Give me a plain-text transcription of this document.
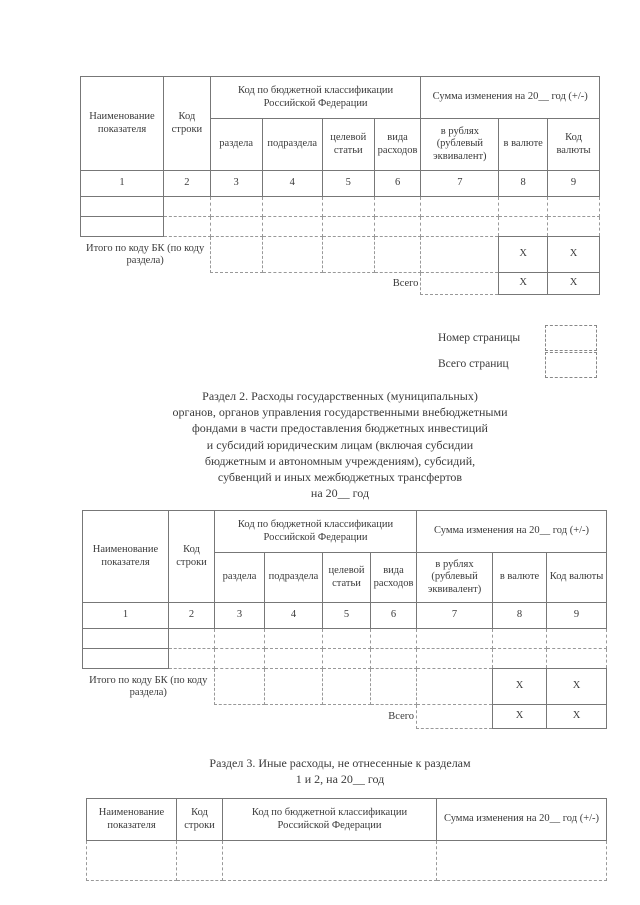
Наименование показателя	Код строки	Код по бюджетной классификации Российской Федерации				Сумма изменения на 20__ год (+/-)		
		раздела	подраздела	целевой статьи	вида расходов	в рублях (рублевый эквивалент)	в валюте	Код валюты
1	2	3	4	5	6	7	8	9

Итого по коду БК (по коду раздела)							X	X
Всего							X	X
Номер страницы
Всего страниц
Раздел 2. Расходы государственных (муниципальных)
органов, органов управления государственными внебюджетными
фондами в части предоставления бюджетных инвестиций
и субсидий юридическим лицам (включая субсидии
бюджетным и автономным учреждениям), субсидий,
субвенций и иных межбюджетных трансфертов
на 20__ год
Наименование показателя	Код строки	Код по бюджетной классификации Российской Федерации				Сумма изменения на 20__ год (+/-)		
		раздела	подраздела	целевой статьи	вида расходов	в рублях (рублевый эквивалент)	в валюте	Код валюты
1	2	3	4	5	6	7	8	9

Итого по коду БК (по коду раздела)							X	X
Всего							X	X
Раздел 3. Иные расходы, не отнесенные к разделам
1 и 2, на 20__ год
Наименование показателя	Код строки	Код по бюджетной классификации Российской Федерации	Сумма изменения на 20__ год (+/-)
